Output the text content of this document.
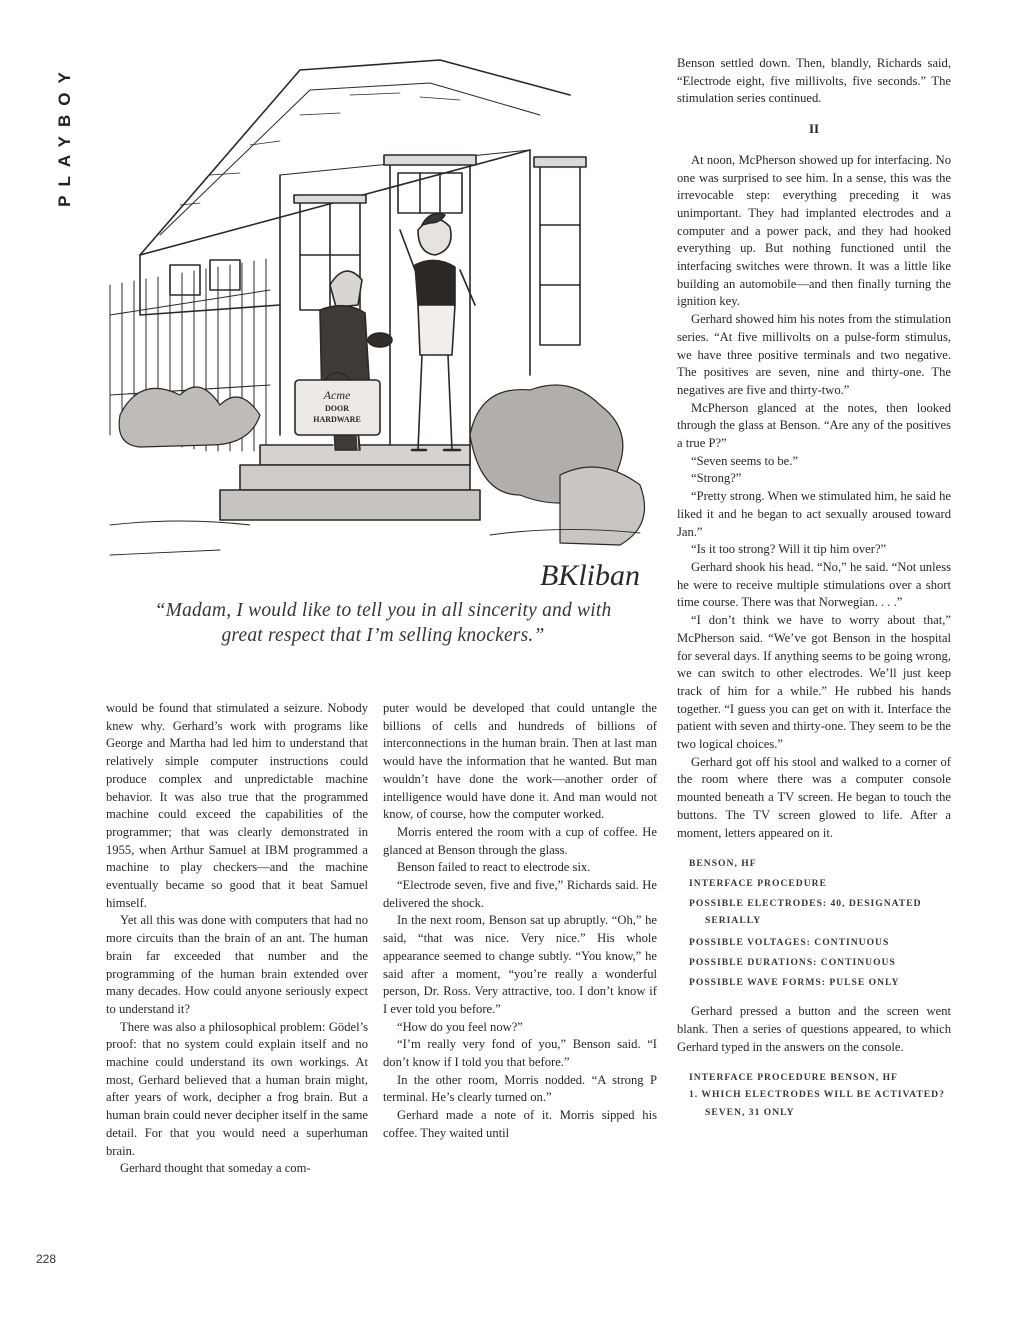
PLAYBOY
Acme
DOOR
HARDWARE
BKliban
“Madam, I would like to tell you in all sincerity and with
great respect that I’m selling knockers.”

would be found that stimulated a seizure. Nobody knew why. Gerhard’s work with programs like George and Martha had led him to understand that relatively simple computer instructions could produce complex and unpredictable machine behavior. It was also true that the programmed machine could exceed the capabilities of the programmer; that was clearly demonstrated in 1955, when Arthur Samuel at IBM programmed a machine to play checkers—and the machine eventually became so good that it beat Samuel himself.

Yet all this was done with computers that had no more circuits than the brain of an ant. The human brain far exceeded that number and the programming of the human brain extended over many decades. How could anyone seriously expect to understand it?

There was also a philosophical problem: Gödel’s proof: that no system could explain itself and no machine could understand its own workings. At most, Gerhard believed that a human brain might, after years of work, decipher a frog brain. But a human brain could never decipher itself in the same detail. For that you would need a superhuman brain.

Gerhard thought that someday a com-

puter would be developed that could untangle the billions of cells and hundreds of billions of interconnections in the human brain. Then at last man would have the information that he wanted. But man wouldn’t have done the work—another order of intelligence would have done it. And man would not know, of course, how the computer worked.

Morris entered the room with a cup of coffee. He glanced at Benson through the glass.

Benson failed to react to electrode six.

“Electrode seven, five and five,” Richards said. He delivered the shock.

In the next room, Benson sat up abruptly. “Oh,” he said, “that was nice. Very nice.” His whole appearance seemed to change subtly. “You know,” he said after a moment, “you’re really a wonderful person, Dr. Ross. Very attractive, too. I don’t know if I ever told you before.”

“How do you feel now?”

“I’m really very fond of you,” Benson said. “I don’t know if I told you that before.”

In the other room, Morris nodded. “A strong P terminal. He’s clearly turned on.”

Gerhard made a note of it. Morris sipped his coffee. They waited until

Benson settled down. Then, blandly, Richards said, “Electrode eight, five millivolts, five seconds.” The stimulation series continued.

II

At noon, McPherson showed up for interfacing. No one was surprised to see him. In a sense, this was the irrevocable step: everything preceding it was unimportant. They had implanted electrodes and a computer and a power pack, and they had hooked everything up. But nothing functioned until the interfacing switches were thrown. It was a little like building an automobile—and then finally turning the ignition key.

Gerhard showed him his notes from the stimulation series. “At five millivolts on a pulse-form stimulus, we have three positive terminals and two negative. The positives are seven, nine and thirty-one. The negatives are five and thirty-two.”

McPherson glanced at the notes, then looked through the glass at Benson. “Are any of the positives a true P?”

“Seven seems to be.”

“Strong?”

“Pretty strong. When we stimulated him, he said he liked it and he began to act sexually aroused toward Jan.”

“Is it too strong? Will it tip him over?”

Gerhard shook his head. “No,” he said. “Not unless he were to receive multiple stimulations over a short time course. There was that Norwegian. . . .”

“I don’t think we have to worry about that,” McPherson said. “We’ve got Benson in the hospital for several days. If anything seems to be going wrong, we can switch to other electrodes. We’ll just keep track of him for a while.” He rubbed his hands together. “I guess you can get on with it. Interface the patient with seven and thirty-one. They seem to be the two logical choices.”

Gerhard got off his stool and walked to a corner of the room where there was a computer console mounted beneath a TV screen. He began to touch the buttons. The TV screen glowed to life. After a moment, letters appeared on it.

BENSON, HF
INTERFACE PROCEDURE
POSSIBLE ELECTRODES: 40, DESIGNATED
SERIALLY
POSSIBLE VOLTAGES: CONTINUOUS
POSSIBLE DURATIONS: CONTINUOUS
POSSIBLE WAVE FORMS: PULSE ONLY

Gerhard pressed a button and the screen went blank. Then a series of questions appeared, to which Gerhard typed in the answers on the console.

INTERFACE PROCEDURE BENSON, HF
1. WHICH ELECTRODES WILL BE ACTIVATED?
SEVEN, 31 ONLY
228
